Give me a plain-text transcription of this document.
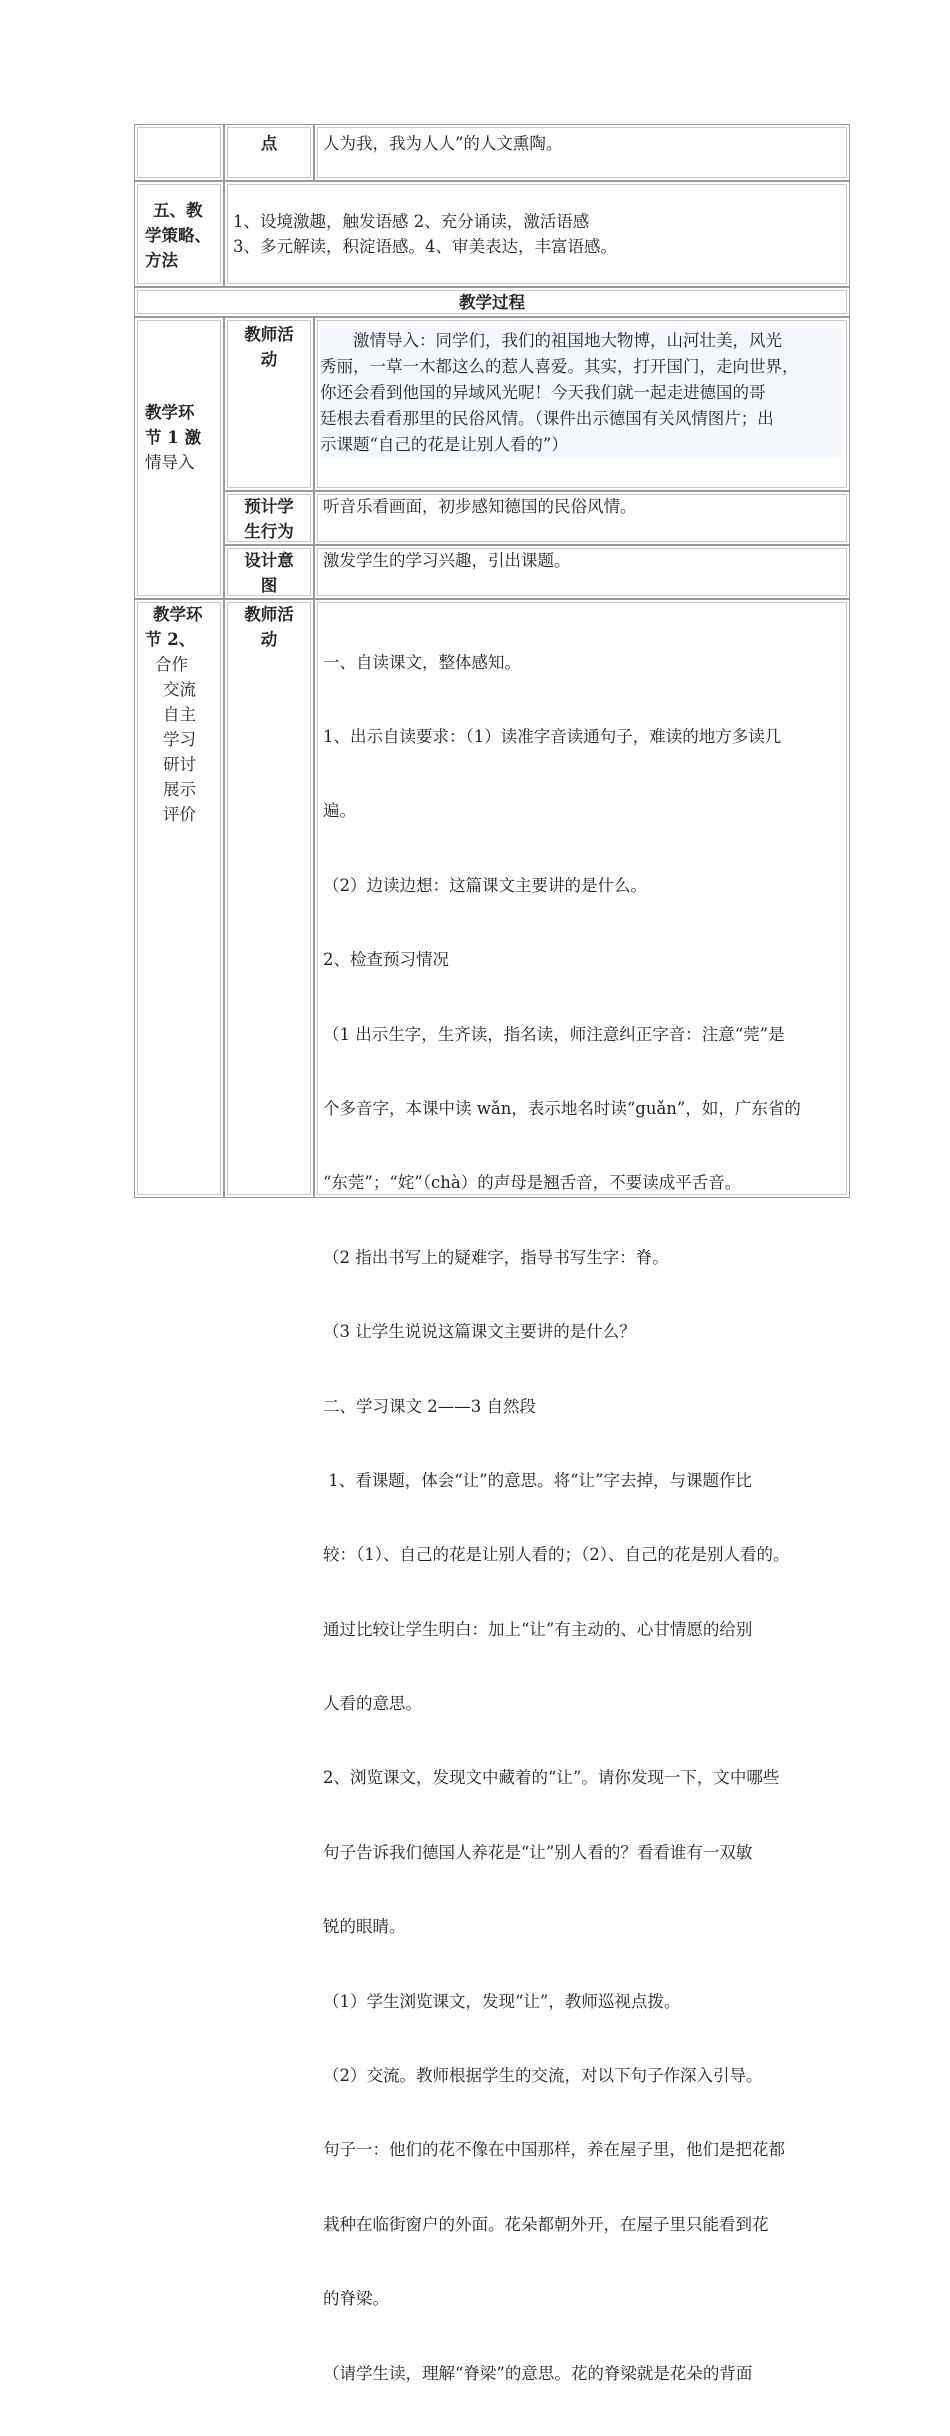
点	人为我，我为人人”的人文熏陶。
五、教
学策略、
方法
1、设境激趣，触发语感 2、充分诵读，激活语感
3、多元解读，积淀语感。4、审美表达，丰富语感。
教学过程
教学环
节 1 激
情导入
教师活
动
　　激情导入：同学们，我们的祖国地大物博，山河壮美，风光
秀丽，一草一木都这么的惹人喜爱。其实，打开国门，走向世界，
你还会看到他国的异域风光呢！今天我们就一起走进德国的哥
廷根去看看那里的民俗风情。（课件出示德国有关风情图片；出
示课题“自己的花是让别人看的”）
预计学
生行为
听音乐看画面，初步感知德国的民俗风情。
设计意
图
激发学生的学习兴趣，引出课题。
教学环
节 2、
合作
交流
自主
学习
研讨
展示
评价
教师活
动

一、自读课文，整体感知。

1、出示自读要求：（1）读准字音读通句子，难读的地方多读几

遍。

（2）边读边想：这篇课文主要讲的是什么。

2、检查预习情况

（1 出示生字，生齐读，指名读，师注意纠正字音：注意“莞”是

个多音字，本课中读 wǎn，表示地名时读“guǎn”，如，广东省的

“东莞”；“姹”（chà）的声母是翘舌音，不要读成平舌音。

（2 指出书写上的疑难字，指导书写生字：脊。

（3 让学生说说这篇课文主要讲的是什么？

二、学习课文 2——3 自然段

1、看课题，体会“让”的意思。将“让”字去掉，与课题作比

较：（1）、自己的花是让别人看的；（2）、自己的花是别人看的。

通过比较让学生明白：加上“让”有主动的、心甘情愿的给别

人看的意思。

2、浏览课文，发现文中藏着的“让”。请你发现一下，文中哪些

句子告诉我们德国人养花是“让”别人看的？看看谁有一双敏

锐的眼睛。

（1）学生浏览课文，发现“让”，教师巡视点拨。

（2）交流。教师根据学生的交流，对以下句子作深入引导。

句子一：他们的花不像在中国那样，养在屋子里，他们是把花都

栽种在临街窗户的外面。花朵都朝外开，在屋子里只能看到花

的脊梁。

（请学生读，理解“脊梁”的意思。花的脊梁就是花朵的背面
